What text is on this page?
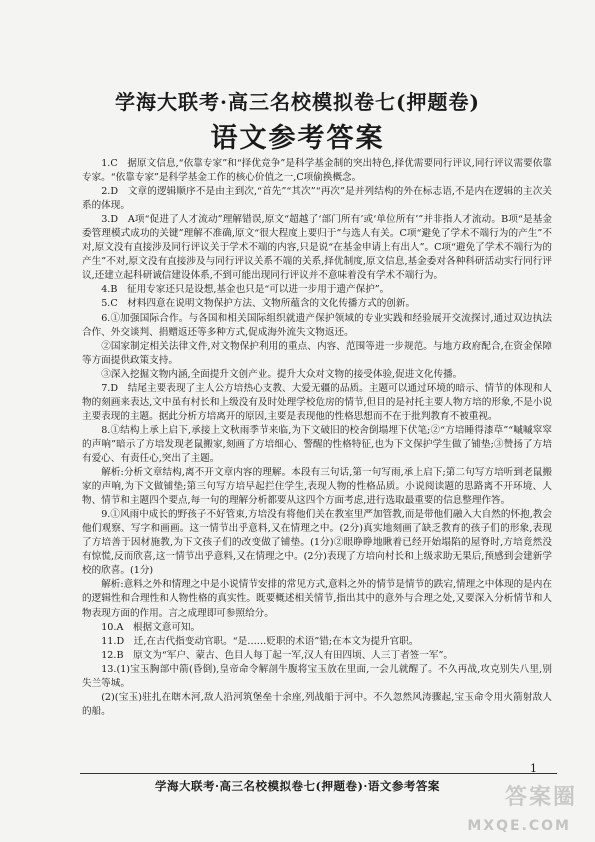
学海大联考·高三名校模拟卷七(押题卷)
语文参考答案

1.C　据原文信息,“依靠专家”和“择优竞争”是科学基金制的突出特色,择优需要同行评议,同行评议需要依靠专家。“依靠专家”是科学基金工作的核心价值之一,C项偷换概念。

2.D　文章的逻辑顺序不是由主到次,“首先”“其次”“再次”是并列结构的外在标志语,不是内在逻辑的主次关系的体现。

3.D　A项“促进了人才流动”理解错误,原文“超越了‘部门所有’或‘单位所有’”并非指人才流动。B项“是基金委管理模式成功的关键”理解不准确,原文“很大程度上要归于”与选人有关。C项“避免了学术不端行为的产生”不对,原文没有直接涉及同行评议关于学术不端的内容,只是说“在基金申请上有出人”。C项“避免了学术不端行为的产生”不对,原文没有直接涉及与同行评议关系不端的关系,择优制度,原文信息,基金委对各种科研活动实行同行评议,还建立起科研诚信建设体系,不到可能出现同行评议并不意味着没有学术不端行为。

4.B　征用专家还只是设想,基金也只是“可以进一步用于遗产保护”。

5.C　材料四意在说明文物保护方法、文物所蕴含的文化传播方式的创新。

6.①加强国际合作。与各国和相关国际组织就遗产保护领域的专业实践和经验展开交流探讨,通过双边执法合作、外交谈判、捐赠返还等多种方式,促成海外流失文物返还。

②国家制定相关法律文件,对文物保护利用的重点、内容、范围等进一步规范。与地方政府配合,在资金保障等方面提供政策支持。

③深入挖掘文物内涵,全面提升文创产业。提升大众对文物的接受体验,促进文化传播。

7.D　结尾主要表现了主人公方培热心支教、大爱无疆的品质。主题可以通过环境的暗示、情节的体现和人物的刻画来表达,文中虽有村长和上级没有及时处理学校危房的情节,但目的是衬托主要人物方培的形象,不是小说主要表现的主题。据此分析方培离开的原因,主要是表现他的性格思想而不在于批判教育不被重视。

8.①结构上承上启下,承接上文秋雨季节来临,为下文破旧的校舍倒塌埋下伏笔;②“方培睡得漆草”“嘁嘁窣窣的声响”暗示了方培发现老鼠搬家,刻画了方培细心、警醒的性格特征,也为下文保护学生做了铺垫;③赞扬了方培有爱心、有责任心,突出了主题。

解析:分析文章结构,离不开文章内容的理解。本段有三句话,第一句写雨,承上启下;第二句写方培听到老鼠搬家的声响,为下文做铺垫;第三句写方培早起拦住学生,表现人物的性格品质。小说阅读题的思路离不开环境、人物、情节和主题四个要点,每一句的理解分析都要从这四个方面考虑,进行选取最重要的信息整理作答。

9.①风雨中成长的野孩子不好管束,方培没有将他们关在教室里严加管教,而是带他们融入大自然的怀抱,教会他们观察、写字和画画。这一情节出乎意料,又在情理之中。(2分)真实地刻画了缺乏教育的孩子们的形象,表现了方培善于因材施教,为下文孩子们的改变做了铺垫。(1分)②眼睁睁地瞅着已经开始塌陷的屋脊时,方培竟然没有惊慌,反而欣喜,这一情节出乎意料,又在情理之中。(2分)表现了方培向村长和上级求助无果后,预感到会建新学校的欣喜。(1分)

解析:意料之外和情理之中是小说情节安排的常见方式,意料之外的情节是情节的跌宕,情理之中体现的是内在的逻辑性和合理性和人物性格的真实性。既要概述相关情节,指出其中的意外与合理之处,又要深入分析情节和人物表现方面的作用。言之成理即可参照给分。

10.A　根据文意可知。

11.D　迁,在古代指变动官职。“是……贬职的术语”错;在本文为提升官职。

12.B　原文为“军户、蒙古、色目人每丁起一军,汉人有田四顷、人三丁者签一军”。

13.(1)宝玉胸部中箭(昏倒),皇帝命令解剖牛腹将宝玉放在里面,一会儿就醒了。不久再战,攻克别失八里,别失兰等城。

(2)(宝玉)驻扎在瞎木河,敌人沿河筑堡垒十余座,列战船于河中。不久忽然风涛骤起,宝玉命令用火箭射敌人的船。

1
学海大联考·高三名校模拟卷七(押题卷)·语文参考答案	答案圈
MXQE.COM
